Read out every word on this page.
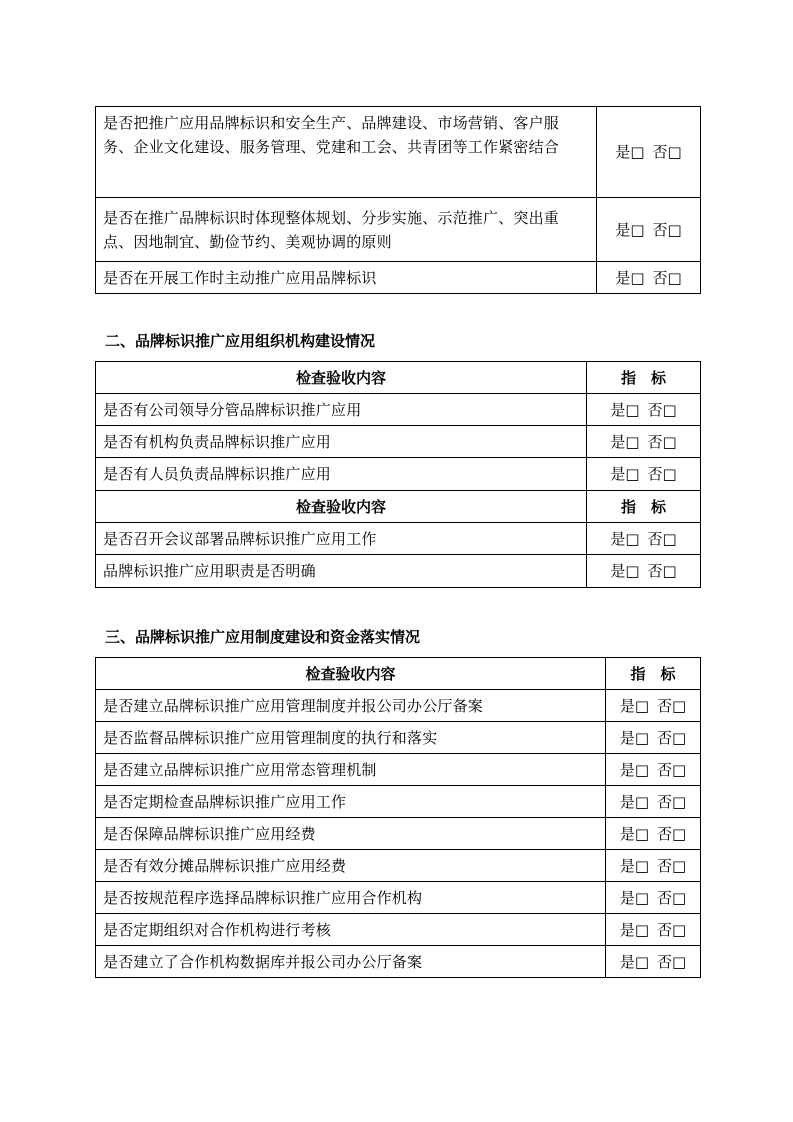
是否把推广应用品牌标识和安全生产、品牌建设、市场营销、客户服务、企业文化建设、服务管理、党建和工会、共青团等工作紧密结合	是□ 否□
是否在推广品牌标识时体现整体规划、分步实施、示范推广、突出重点、因地制宜、勤俭节约、美观协调的原则	是□ 否□
是否在开展工作时主动推广应用品牌标识	是□ 否□
二、品牌标识推广应用组织机构建设情况
检查验收内容	指　标
是否有公司领导分管品牌标识推广应用	是□ 否□
是否有机构负责品牌标识推广应用	是□ 否□
是否有人员负责品牌标识推广应用	是□ 否□
检查验收内容	指　标
是否召开会议部署品牌标识推广应用工作	是□ 否□
品牌标识推广应用职责是否明确	是□ 否□
三、品牌标识推广应用制度建设和资金落实情况
检查验收内容	指　标
是否建立品牌标识推广应用管理制度并报公司办公厅备案	是□ 否□
是否监督品牌标识推广应用管理制度的执行和落实	是□ 否□
是否建立品牌标识推广应用常态管理机制	是□ 否□
是否定期检查品牌标识推广应用工作	是□ 否□
是否保障品牌标识推广应用经费	是□ 否□
是否有效分摊品牌标识推广应用经费	是□ 否□
是否按规范程序选择品牌标识推广应用合作机构	是□ 否□
是否定期组织对合作机构进行考核	是□ 否□
是否建立了合作机构数据库并报公司办公厅备案	是□ 否□
